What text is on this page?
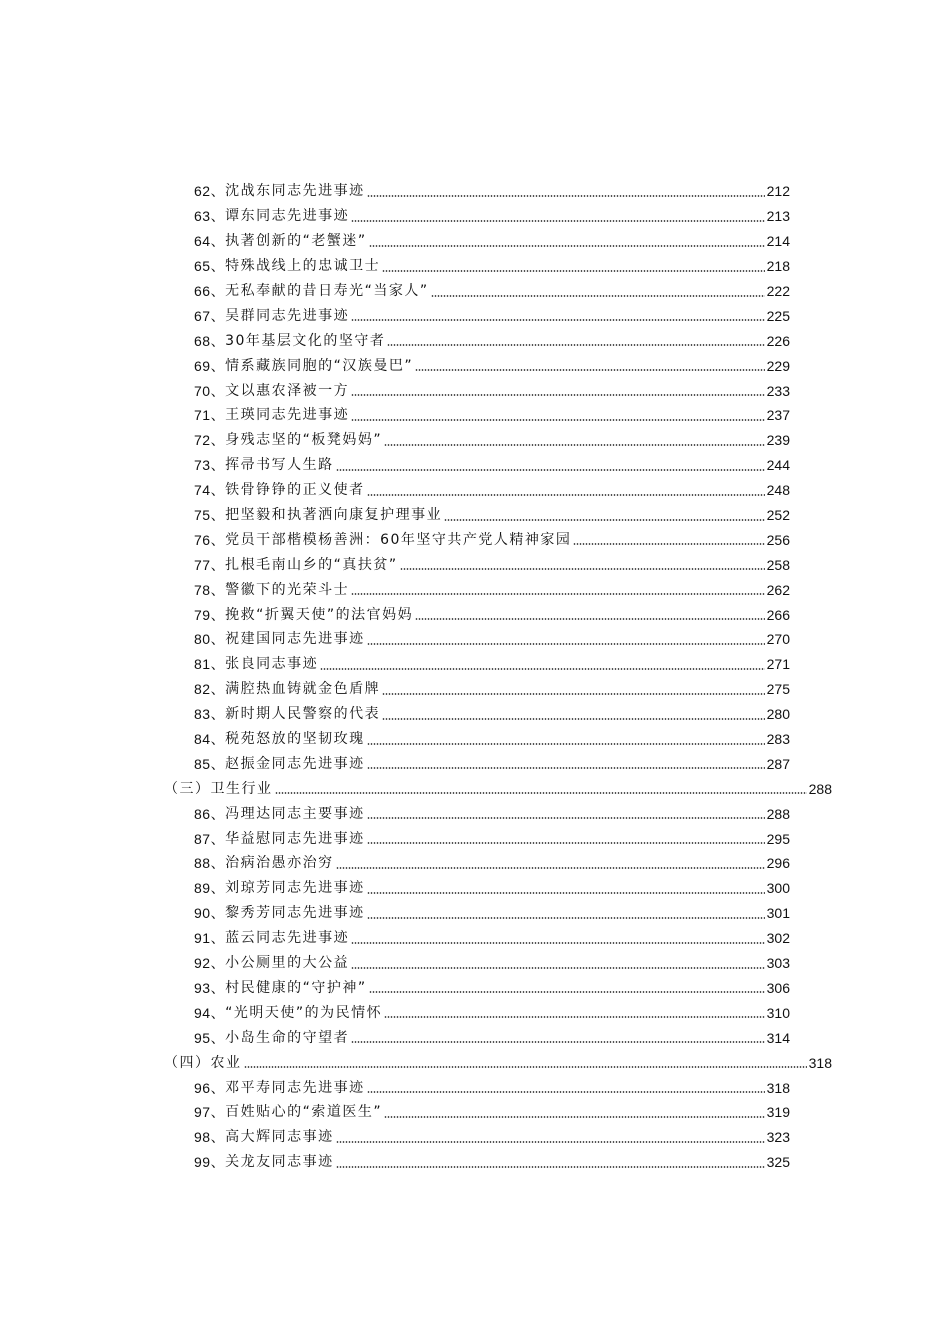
62、 沈战东同志先进事迹	212
63、 谭东同志先进事迹	213
64、 执著创新的“老蟹迷”	214
65、 特殊战线上的忠诚卫士	218
66、 无私奉献的昔日寿光“当家人”	222
67、 吴群同志先进事迹	225
68、 30年基层文化的坚守者	226
69、 情系藏族同胞的“汉族曼巴”	229
70、 文以惠农泽被一方	233
71、 王瑛同志先进事迹	237
72、 身残志坚的“板凳妈妈”	239
73、 挥帚书写人生路	244
74、 铁骨铮铮的正义使者	248
75、 把坚毅和执著洒向康复护理事业	252
76、 党员干部楷模杨善洲：60年坚守共产党人精神家园	256
77、 扎根毛南山乡的“真扶贫”	258
78、 警徽下的光荣斗士	262
79、 挽救“折翼天使”的法官妈妈	266
80、 祝建国同志先进事迹	270
81、 张良同志事迹	271
82、 满腔热血铸就金色盾牌	275
83、 新时期人民警察的代表	280
84、 税苑怒放的坚韧玫瑰	283
85、 赵振金同志先进事迹	287
（三）卫生行业	288
86、 冯理达同志主要事迹	288
87、 华益慰同志先进事迹	295
88、 治病治愚亦治穷	296
89、 刘琼芳同志先进事迹	300
90、 黎秀芳同志先进事迹	301
91、 蓝云同志先进事迹	302
92、 小公厕里的大公益	303
93、 村民健康的“守护神”	306
94、 “光明天使”的为民情怀	310
95、 小岛生命的守望者	314
（四）农业	318
96、 邓平寿同志先进事迹	318
97、 百姓贴心的“索道医生”	319
98、 高大辉同志事迹	323
99、 关龙友同志事迹	325
